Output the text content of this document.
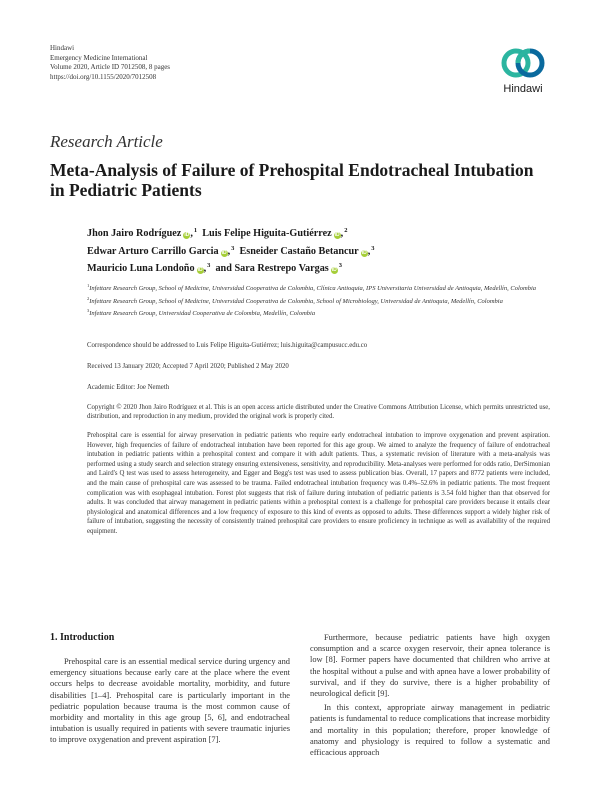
Hindawi
Emergency Medicine International
Volume 2020, Article ID 7012508, 8 pages
https://doi.org/10.1155/2020/7012508
Hindawi
Research Article
Meta-Analysis of Failure of Prehospital Endotracheal Intubation in Pediatric Patients
Jhon Jairo Rodríguez iD,$^1$ Luis Felipe Higuita-Gutiérrez iD,$^2$
Edwar Arturo Carrillo Garcia iD,$^3$ Esneider Castaño Betancur iD,$^3$
Mauricio Luna Londoño iD,$^3$ and Sara Restrepo Vargas $iD^3$
$^1$Infettare Research Group, School of Medicine, Universidad Cooperativa de Colombia, Clínica Antioquia, IPS Universitaria Universidad de Antioquia, Medellín, Colombia
$^2$Infettare Research Group, School of Medicine, Universidad Cooperativa de Colombia, School of Microbiology, Universidad de Antioquia, Medellín, Colombia
$^3$Infettare Research Group, Universidad Cooperativa de Colombia, Medellín, Colombia
Correspondence should be addressed to Luis Felipe Higuita-Gutiérrez; luis.higuita@campusucc.edu.co
Received 13 January 2020; Accepted 7 April 2020; Published 2 May 2020
Academic Editor: Joe Nemeth
Copyright © 2020 Jhon Jairo Rodríguez et al. This is an open access article distributed under the Creative Commons Attribution License, which permits unrestricted use, distribution, and reproduction in any medium, provided the original work is properly cited.
Prehospital care is essential for airway preservation in pediatric patients who require early endotracheal intubation to improve oxygenation and prevent aspiration. However, high frequencies of failure of endotracheal intubation have been reported for this age group. We aimed to analyze the frequency of failure of endotracheal intubation in pediatric patients within a prehospital context and compare it with adult patients. Thus, a systematic revision of literature with a meta-analysis was performed using a study search and selection strategy ensuring extensiveness, sensitivity, and reproducibility. Meta-analyses were performed for odds ratio, DerSimonian and Laird's Q test was used to assess heterogeneity, and Egger and Begg's test was used to assess publication bias. Overall, 17 papers and 8772 patients were included, and the main cause of prehospital care was assessed to be trauma. Failed endotracheal intubation frequency was 0.4%–52.6% in pediatric patients. The most frequent complication was with esophageal intubation. Forest plot suggests that risk of failure during intubation of pediatric patients is 3.54 fold higher than that observed for adults. It was concluded that airway management in pediatric patients within a prehospital context is a challenge for prehospital care providers because it entails clear physiological and anatomical differences and a low frequency of exposure to this kind of events as opposed to adults. These differences support a widely higher risk of failure of intubation, suggesting the necessity of consistently trained prehospital care providers to ensure proficiency in technique as well as availability of the required equipment.
1. Introduction

Prehospital care is an essential medical service during urgency and emergency situations because early care at the place where the event occurs helps to decrease avoidable mortality, morbidity, and future disabilities [1–4]. Prehospital care is particularly important in the pediatric population because trauma is the most common cause of morbidity and mortality in this age group [5, 6], and endotracheal intubation is usually required in patients with severe traumatic injuries to improve oxygenation and prevent aspiration [7].

Furthermore, because pediatric patients have high oxygen consumption and a scarce oxygen reservoir, their apnea tolerance is low [8]. Former papers have documented that children who arrive at the hospital without a pulse and with apnea have a lower probability of survival, and if they do survive, there is a higher probability of neurological deficit [9].

In this context, appropriate airway management in pediatric patients is fundamental to reduce complications that increase morbidity and mortality in this population; therefore, proper knowledge of anatomy and physiology is required to follow a systematic and efficacious approach
